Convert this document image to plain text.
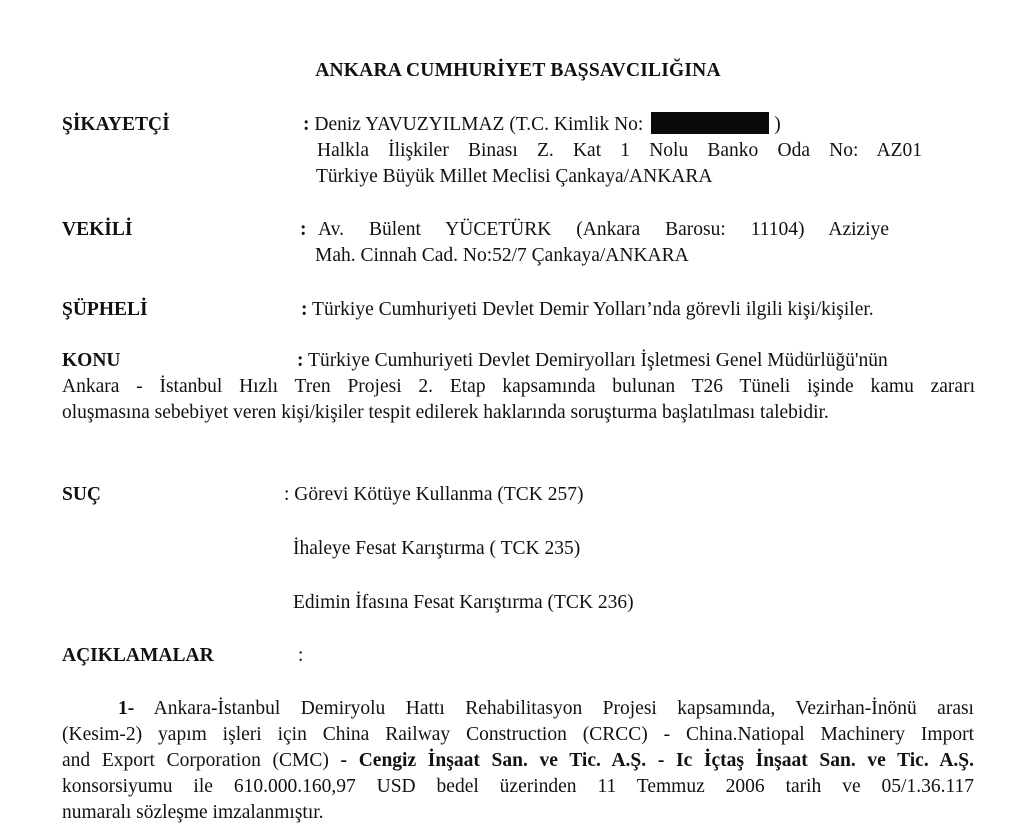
ANKARA CUMHURİYET BAŞSAVCILIĞINA
ŞİKAYETÇİ	: Deniz YAVUZYILMAZ (T.C. Kimlik No:	)
Halkla İlişkiler Binası Z. Kat 1 Nolu Banko Oda No: AZ01
Türkiye Büyük Millet Meclisi Çankaya/ANKARA
VEKİLİ	: Av. Bülent YÜCETÜRK (Ankara Barosu: 11104) Aziziye
Mah. Cinnah Cad. No:52/7 Çankaya/ANKARA
ŞÜPHELİ	: Türkiye Cumhuriyeti Devlet Demir Yolları’nda görevli ilgili kişi/kişiler.
KONU	: Türkiye Cumhuriyeti Devlet Demiryolları İşletmesi Genel Müdürlüğü'nün
Ankara - İstanbul Hızlı Tren Projesi 2. Etap kapsamında bulunan T26 Tüneli işinde kamu zararı
oluşmasına sebebiyet veren kişi/kişiler tespit edilerek haklarında soruşturma başlatılması talebidir.
SUÇ	: Görevi Kötüye Kullanma (TCK 257)
İhaleye Fesat Karıştırma ( TCK 235)
Edimin İfasına Fesat Karıştırma (TCK 236)
AÇIKLAMALAR	:
1- Ankara-İstanbul Demiryolu Hattı Rehabilitasyon Projesi kapsamında, Vezirhan-İnönü arası
(Kesim-2) yapım işleri için China Railway Construction (CRCC) - China.Natiopal Machinery Import
and Export Corporation (CMC) - Cengiz İnşaat San. ve Tic. A.Ş. - Ic İçtaş İnşaat San. ve Tic. A.Ş.
konsorsiyumu ile 610.000.160,97 USD bedel üzerinden 11 Temmuz 2006 tarih ve 05/1.36.117
numaralı sözleşme imzalanmıştır.
